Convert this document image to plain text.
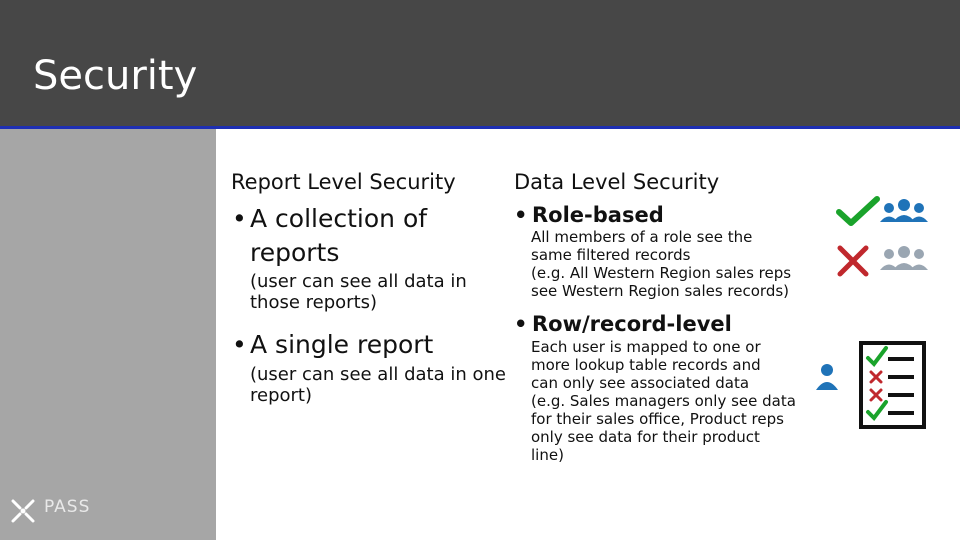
Security
PASS
Report Level Security
• A collection of
reports
(user can see all data in those reports)
• A single report
(user can see all data in one report)
Data Level Security
• Role-based
All members of a role see the
same filtered records
(e.g. All Western Region sales reps
see Western Region sales records)
• Row/record-level
Each user is mapped to one or
more lookup table records and
can only see associated data
(e.g. Sales managers only see data
for their sales office, Product reps
only see data for their product
line)
